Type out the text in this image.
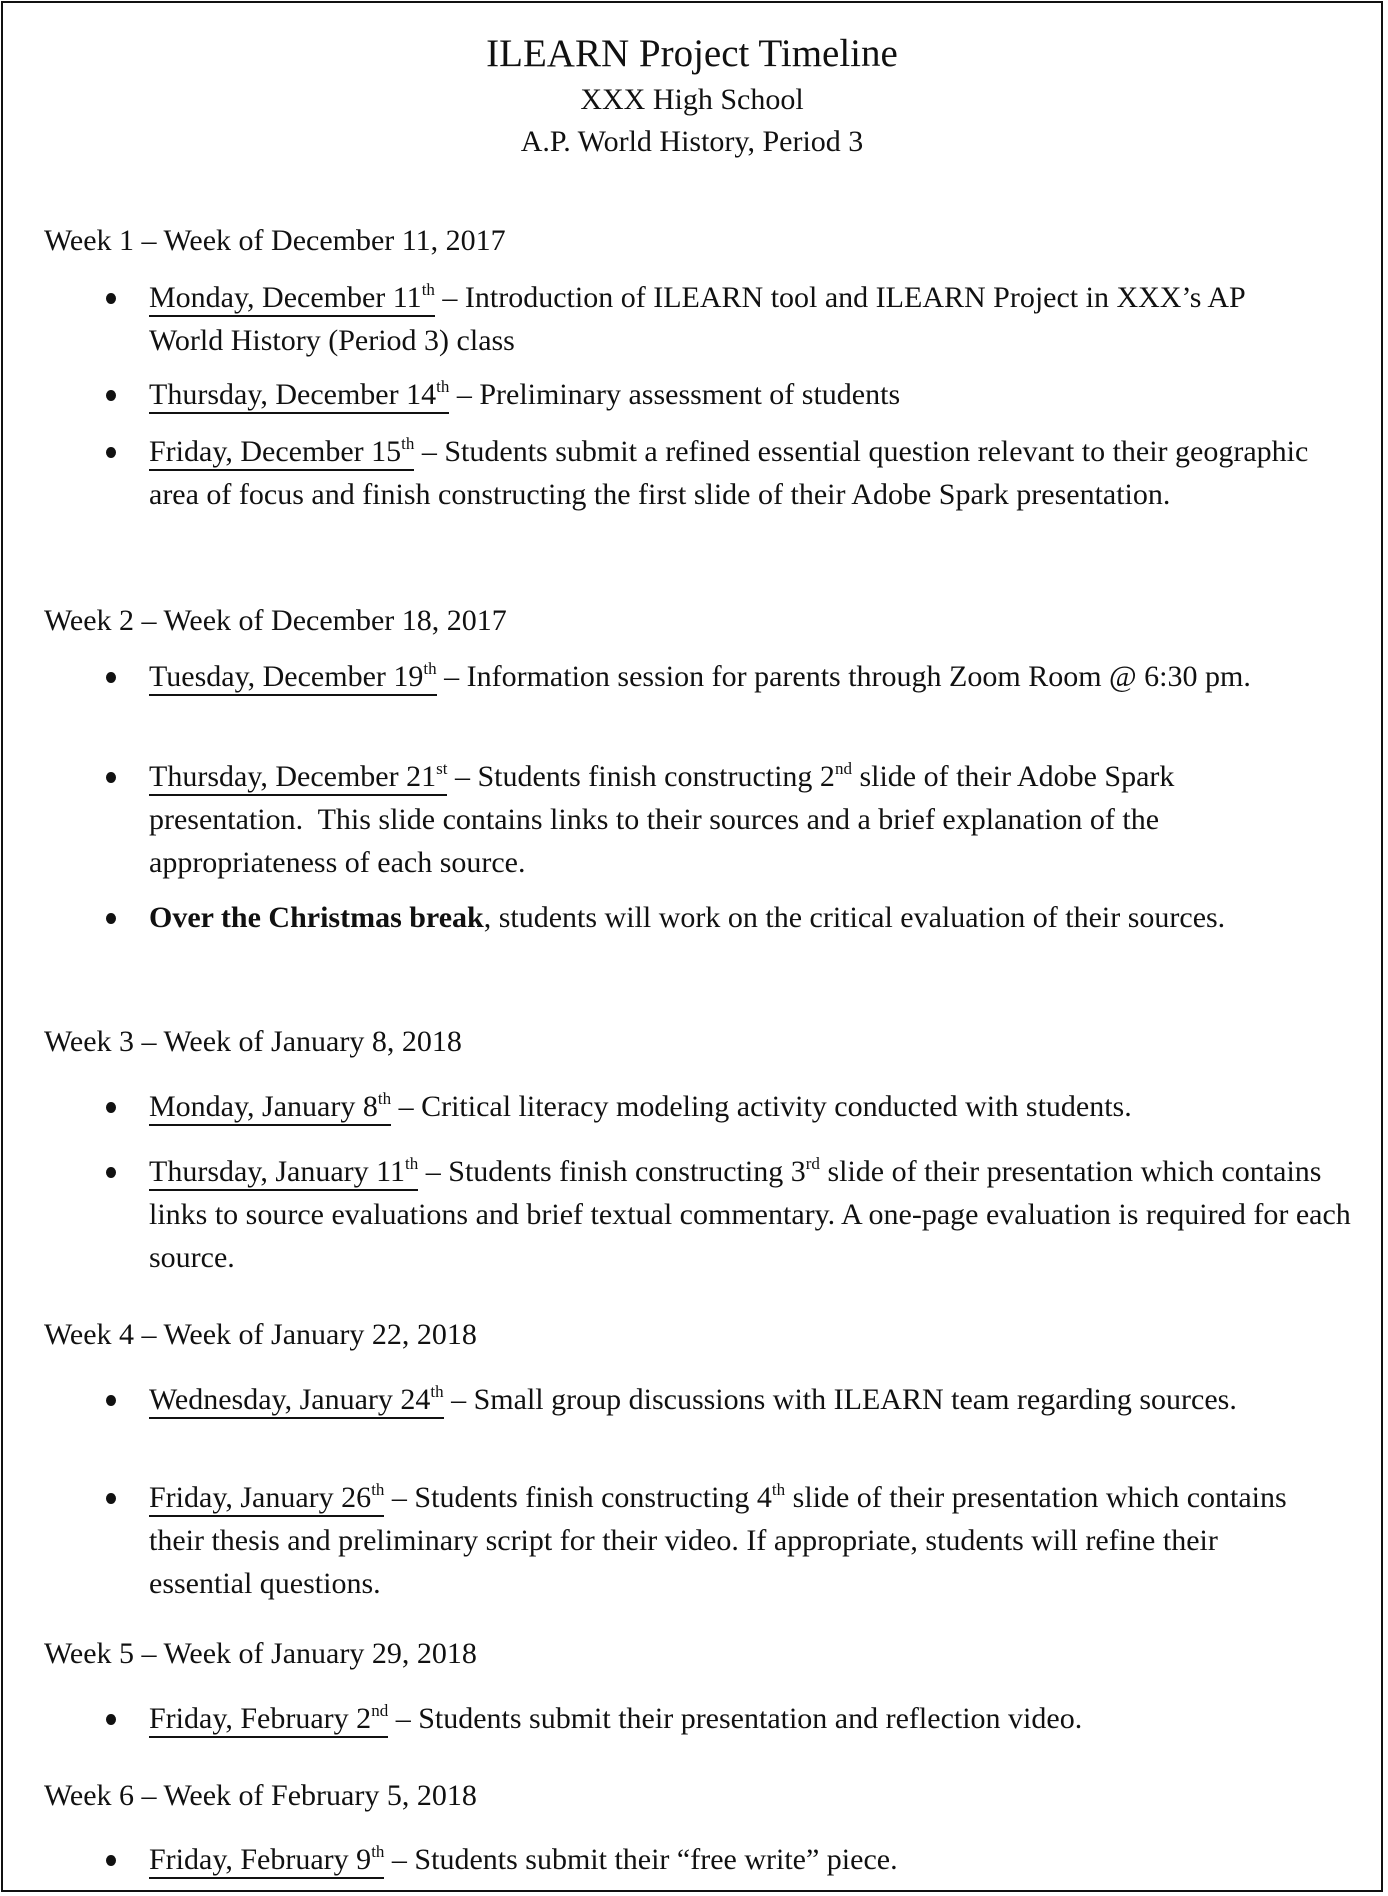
ILEARN Project Timeline
XXX High School
A.P. World History, Period 3
Week 1 – Week of December 11, 2017
Monday, December 11th – Introduction of ILEARN tool and ILEARN Project in XXX’s AP World History (Period 3) class
Thursday, December 14th – Preliminary assessment of students
Friday, December 15th – Students submit a refined essential question relevant to their geographic area of focus and finish constructing the first slide of their Adobe Spark presentation.
Week 2 – Week of December 18, 2017
Tuesday, December 19th – Information session for parents through Zoom Room @ 6:30 pm.
Thursday, December 21st – Students finish constructing 2nd slide of their Adobe Spark presentation.  This slide contains links to their sources and a brief explanation of the appropriateness of each source.
Over the Christmas break, students will work on the critical evaluation of their sources.
Week 3 – Week of January 8, 2018
Monday, January 8th – Critical literacy modeling activity conducted with students.
Thursday, January 11th – Students finish constructing 3rd slide of their presentation which contains links to source evaluations and brief textual commentary. A one-page evaluation is required for each source.
Week 4 – Week of January 22, 2018
Wednesday, January 24th – Small group discussions with ILEARN team regarding sources.
Friday, January 26th – Students finish constructing 4th slide of their presentation which contains their thesis and preliminary script for their video. If appropriate, students will refine their essential questions.
Week 5 – Week of January 29, 2018
Friday, February 2nd – Students submit their presentation and reflection video.
Week 6 – Week of February 5, 2018
Friday, February 9th – Students submit their “free write” piece.
